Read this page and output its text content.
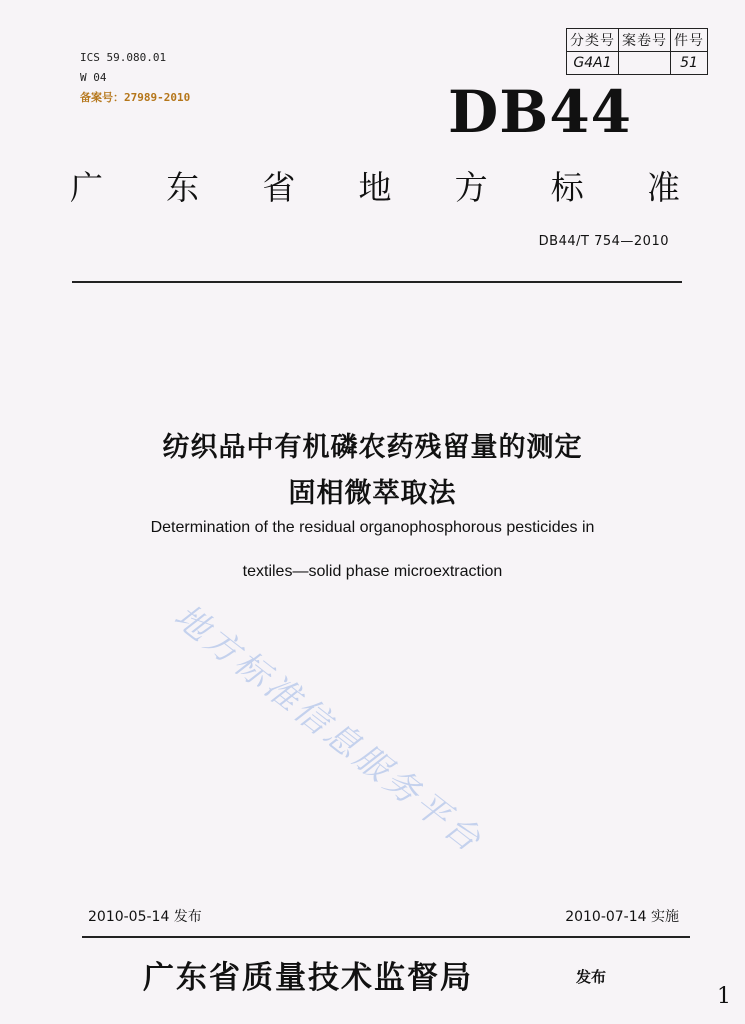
ICS 59.080.01
W 04
备案号：27989-2010
分类号	案卷号	件号
G4A1		51
DB44
广 东 省 地 方 标 准
DB44/T 754—2010
纺织品中有机磷农药残留量的测定
固相微萃取法
Determination of the residual organophosphorous pesticides in
textiles—solid phase microextraction
地方标准信息服务平台
2010-05-14 发布	2010-07-14 实施
广东省质量技术监督局	发布
1
